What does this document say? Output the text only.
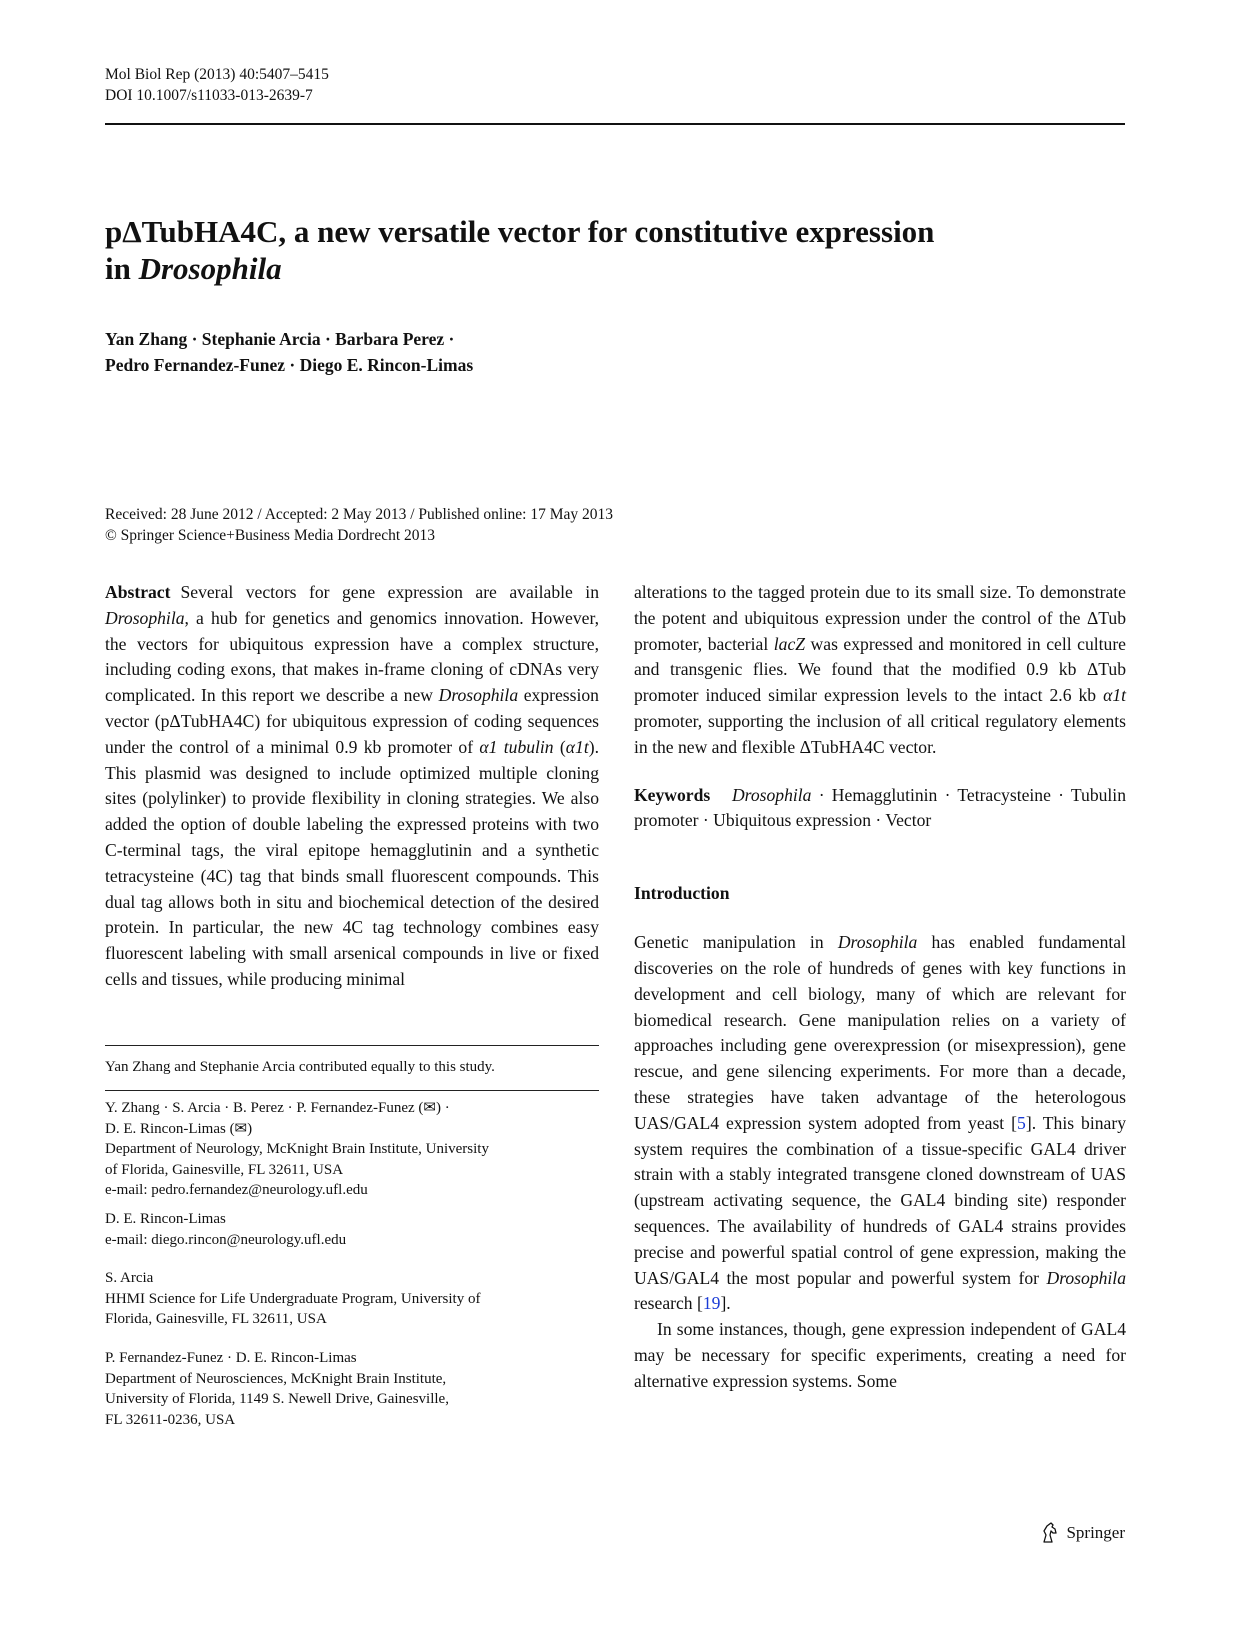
Mol Biol Rep (2013) 40:5407–5415
DOI 10.1007/s11033-013-2639-7
pΔTubHA4C, a new versatile vector for constitutive expression
in Drosophila
Yan Zhang · Stephanie Arcia · Barbara Perez ·
Pedro Fernandez-Funez · Diego E. Rincon-Limas
Received: 28 June 2012 / Accepted: 2 May 2013 / Published online: 17 May 2013
© Springer Science+Business Media Dordrecht 2013

Abstract Several vectors for gene expression are available in Drosophila, a hub for genetics and genomics innovation. However, the vectors for ubiquitous expression have a complex structure, including coding exons, that makes in-frame cloning of cDNAs very complicated. In this report we describe a new Drosophila expression vector (pΔTubHA4C) for ubiquitous expression of coding sequences under the control of a minimal 0.9 kb promoter of α1 tubulin (α1t). This plasmid was designed to include optimized multiple cloning sites (polylinker) to provide flexibility in cloning strategies. We also added the option of double labeling the expressed proteins with two C-terminal tags, the viral epitope hemagglutinin and a synthetic tetracysteine (4C) tag that binds small fluorescent compounds. This dual tag allows both in situ and biochemical detection of the desired protein. In particular, the new 4C tag technology combines easy fluorescent labeling with small arsenical compounds in live or fixed cells and tissues, while producing minimal

Yan Zhang and Stephanie Arcia contributed equally to this study.
Y. Zhang · S. Arcia · B. Perez · P. Fernandez-Funez (✉) ·
D. E. Rincon-Limas (✉)
Department of Neurology, McKnight Brain Institute, University
of Florida, Gainesville, FL 32611, USA
e-mail: pedro.fernandez@neurology.ufl.edu
D. E. Rincon-Limas
e-mail: diego.rincon@neurology.ufl.edu
S. Arcia
HHMI Science for Life Undergraduate Program, University of
Florida, Gainesville, FL 32611, USA
P. Fernandez-Funez · D. E. Rincon-Limas
Department of Neurosciences, McKnight Brain Institute,
University of Florida, 1149 S. Newell Drive, Gainesville,
FL 32611-0236, USA

alterations to the tagged protein due to its small size. To demonstrate the potent and ubiquitous expression under the control of the ΔTub promoter, bacterial lacZ was expressed and monitored in cell culture and transgenic flies. We found that the modified 0.9 kb ΔTub promoter induced similar expression levels to the intact 2.6 kb α1t promoter, supporting the inclusion of all critical regulatory elements in the new and flexible ΔTubHA4C vector.

Keywords Drosophila · Hemagglutinin · Tetracysteine · Tubulin promoter · Ubiquitous expression · Vector

Introduction

Genetic manipulation in Drosophila has enabled fundamental discoveries on the role of hundreds of genes with key functions in development and cell biology, many of which are relevant for biomedical research. Gene manipulation relies on a variety of approaches including gene overexpression (or misexpression), gene rescue, and gene silencing experiments. For more than a decade, these strategies have taken advantage of the heterologous UAS/GAL4 expression system adopted from yeast [5]. This binary system requires the combination of a tissue-specific GAL4 driver strain with a stably integrated transgene cloned downstream of UAS (upstream activating sequence, the GAL4 binding site) responder sequences. The availability of hundreds of GAL4 strains provides precise and powerful spatial control of gene expression, making the UAS/GAL4 the most popular and powerful system for Drosophila research [19].

In some instances, though, gene expression independent of GAL4 may be necessary for specific experiments, creating a need for alternative expression systems. Some

Springer
